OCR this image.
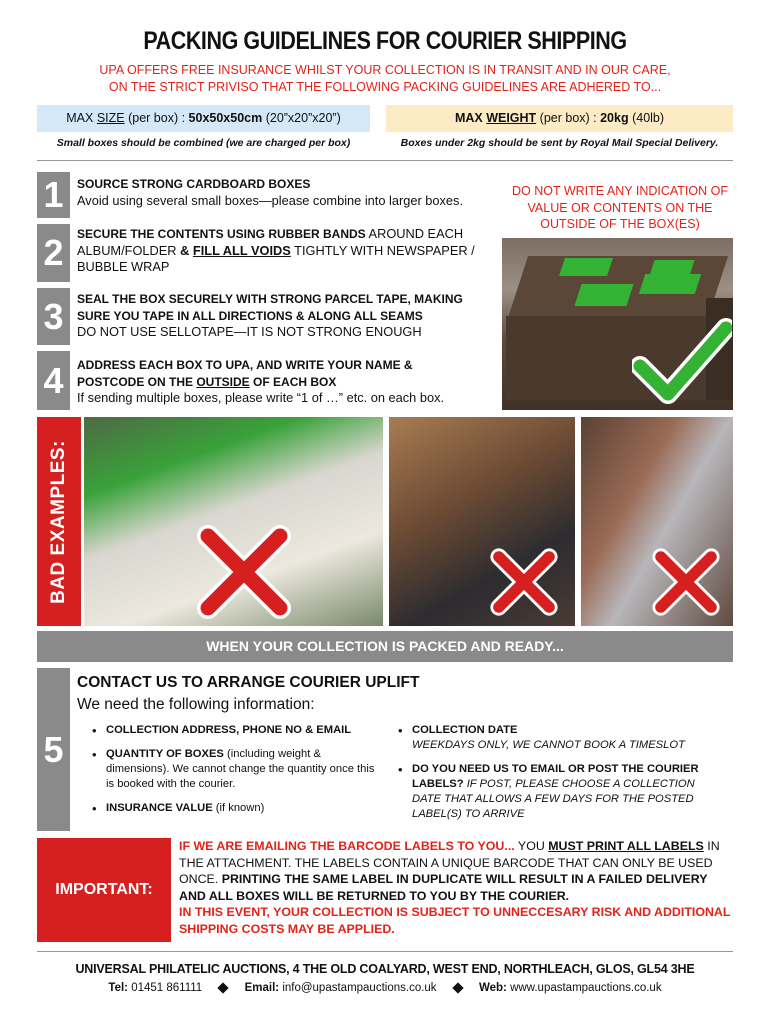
PACKING GUIDELINES FOR COURIER SHIPPING
UPA OFFERS FREE INSURANCE WHILST YOUR COLLECTION IS IN TRANSIT AND IN OUR CARE,
ON THE STRICT PRIVISO THAT THE FOLLOWING PACKING GUIDELINES ARE ADHERED TO...
MAX SIZE (per box) : 50x50x50cm (20”x20”x20”)	MAX WEIGHT (per box) : 20kg (40lb)
Small boxes should be combined (we are charged per box)	Boxes under 2kg should be sent by Royal Mail Special Delivery.
1	SOURCE STRONG CARDBOARD BOXES
Avoid using several small boxes—please combine into larger boxes.
2	SECURE THE CONTENTS USING RUBBER BANDS AROUND EACH
ALBUM/FOLDER & FILL ALL VOIDS TIGHTLY WITH NEWSPAPER /
BUBBLE WRAP
3	SEAL THE BOX SECURELY WITH STRONG PARCEL TAPE, MAKING
SURE YOU TAPE IN ALL DIRECTIONS & ALONG ALL SEAMS
DO NOT USE SELLOTAPE—IT IS NOT STRONG ENOUGH
4	ADDRESS EACH BOX TO UPA, AND WRITE YOUR NAME &
POSTCODE ON THE OUTSIDE OF EACH BOX
If sending multiple boxes, please write “1 of …” etc. on each box.
DO NOT WRITE ANY INDICATION OF VALUE OR CONTENTS ON THE OUTSIDE OF THE BOX(ES)
BAD EXAMPLES:
WHEN YOUR COLLECTION IS PACKED AND READY...
5
CONTACT US TO ARRANGE COURIER UPLIFT
We need the following information:
• COLLECTION ADDRESS, PHONE NO & EMAIL
• QUANTITY OF BOXES (including weight & dimensions). We cannot change the quantity once this is booked with the courier.
• INSURANCE VALUE (if known)
• COLLECTION DATE
WEEKDAYS ONLY, WE CANNOT BOOK A TIMESLOT
• DO YOU NEED US TO EMAIL OR POST THE COURIER LABELS? IF POST, PLEASE CHOOSE A COLLECTION DATE THAT ALLOWS A FEW DAYS FOR THE POSTED LABEL(S) TO ARRIVE
IMPORTANT:
IF WE ARE EMAILING THE BARCODE LABELS TO YOU... YOU MUST PRINT ALL LABELS IN THE ATTACHMENT. THE LABELS CONTAIN A UNIQUE BARCODE THAT CAN ONLY BE USED ONCE. PRINTING THE SAME LABEL IN DUPLICATE WILL RESULT IN A FAILED DELIVERY AND ALL BOXES WILL BE RETURNED TO YOU BY THE COURIER.
IN THIS EVENT, YOUR COLLECTION IS SUBJECT TO UNNECCESARY RISK AND ADDITIONAL SHIPPING COSTS MAY BE APPLIED.
UNIVERSAL PHILATELIC AUCTIONS, 4 THE OLD COALYARD, WEST END, NORTHLEACH, GLOS, GL54 3HE
Tel: 01451 861111	Email: info@upastampauctions.co.uk	Web: www.upastampauctions.co.uk
